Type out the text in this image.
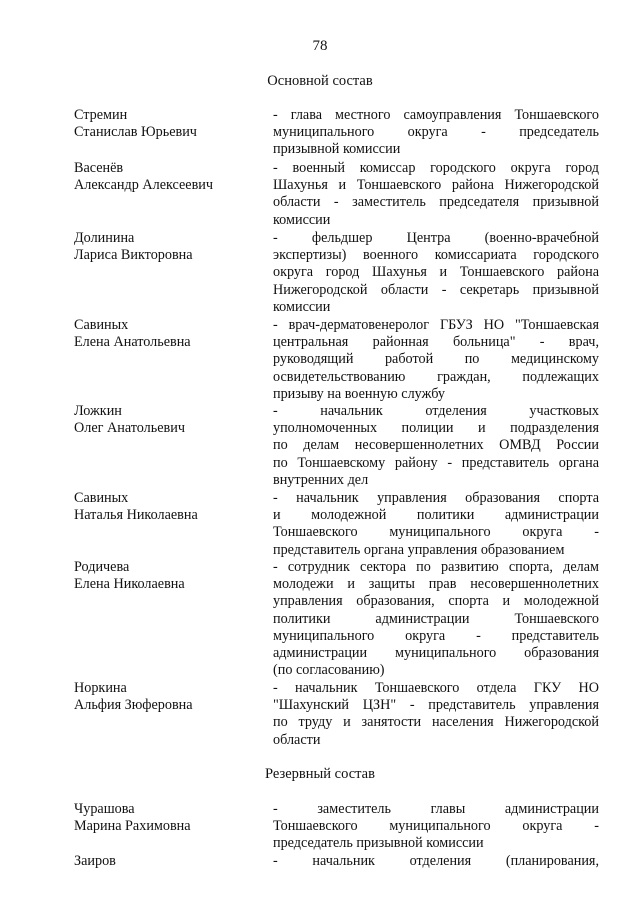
78
Основной состав
Стремин
Станислав Юрьевич
- глава местного самоуправления Тоншаевского
муниципального округа - председатель
призывной комиссии
Васенёв
Александр Алексеевич
- военный комиссар городского округа город
Шахунья и Тоншаевского района Нижегородской
области - заместитель председателя призывной
комиссии
Долинина
Лариса Викторовна
- фельдшер Центра (военно-врачебной
экспертизы) военного комиссариата городского
округа город Шахунья и Тоншаевского района
Нижегородской области - секретарь призывной
комиссии
Савиных
Елена Анатольевна
- врач-дерматовенеролог ГБУЗ НО "Тоншаевская
центральная районная больница" - врач,
руководящий работой по медицинскому
освидетельствованию граждан, подлежащих
призыву на военную службу
Ложкин
Олег Анатольевич
- начальник отделения участковых
уполномоченных полиции и подразделения
по делам несовершеннолетних ОМВД России
по Тоншаевскому району - представитель органа
внутренних дел
Савиных
Наталья Николаевна
- начальник управления образования спорта
и молодежной политики администрации
Тоншаевского муниципального округа -
представитель органа управления образованием
Родичева
Елена Николаевна
- сотрудник сектора по развитию спорта, делам
молодежи и защиты прав несовершеннолетних
управления образования, спорта и молодежной
политики администрации Тоншаевского
муниципального округа - представитель
администрации муниципального образования
(по согласованию)
Норкина
Альфия Зюферовна
- начальник Тоншаевского отдела ГКУ НО
"Шахунский ЦЗН" - представитель управления
по труду и занятости населения Нижегородской
области
Резервный состав
Чурашова
Марина Рахимовна
- заместитель главы администрации
Тоншаевского муниципального округа -
председатель призывной комиссии
Заиров	- начальник отделения (планирования,
